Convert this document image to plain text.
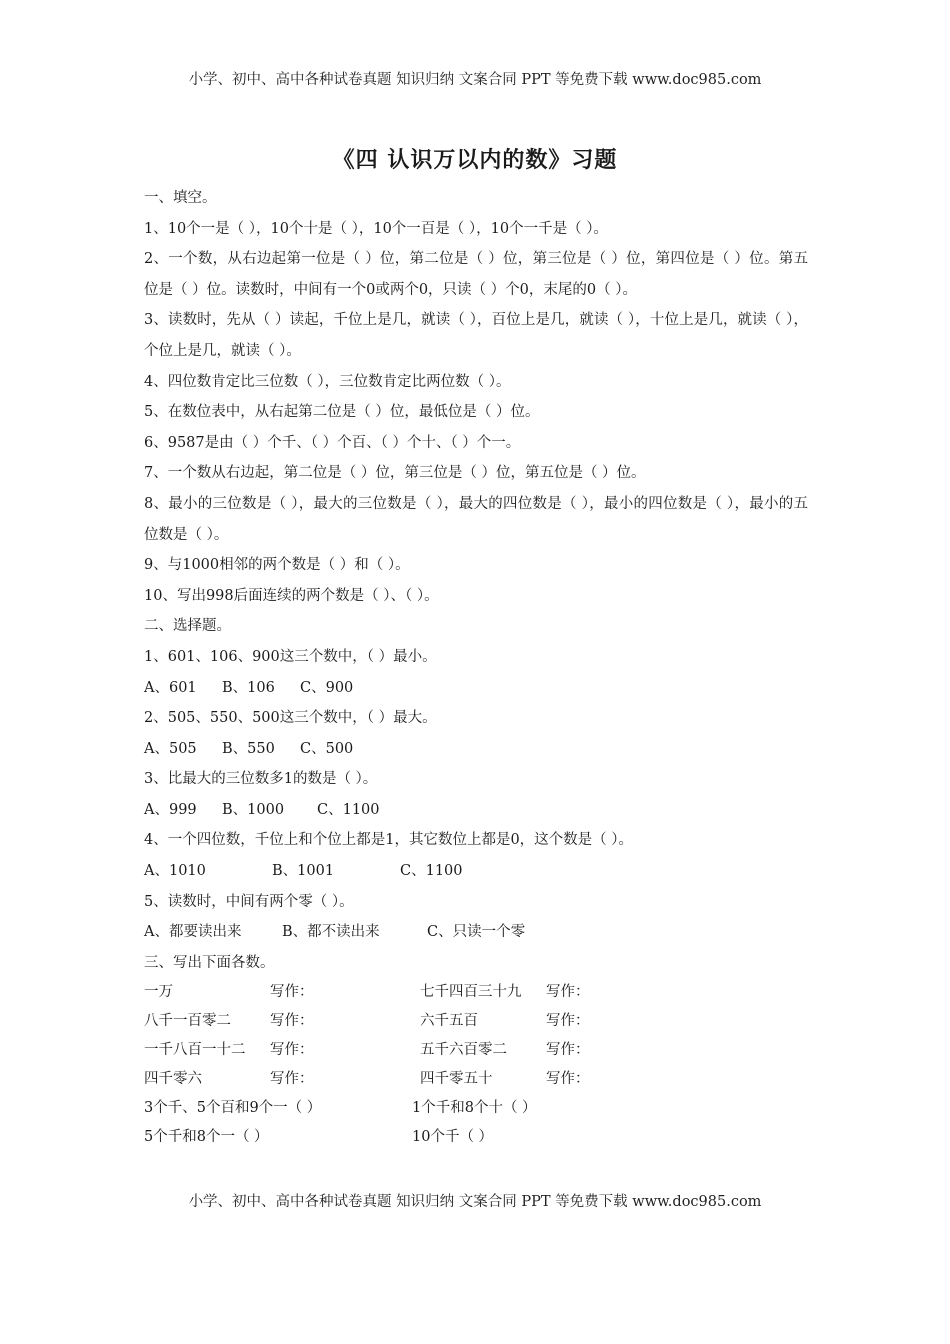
小学、初中、高中各种试卷真题 知识归纳 文案合同 PPT 等免费下载 www.doc985.com
《四 认识万以内的数》习题
一、填空。
1、10个一是（ ），10个十是（ ），10个一百是（ ），10个一千是（ ）。
2、一个数，从右边起第一位是（ ）位，第二位是（ ）位，第三位是（ ）位，第四位是（ ）位。第五位是（ ）位。读数时，中间有一个0或两个0，只读（ ）个0，末尾的0（ ）。
3、读数时，先从（ ）读起，千位上是几，就读（ ），百位上是几，就读（ ），十位上是几，就读（ ），个位上是几，就读（ ）。
4、四位数肯定比三位数（ ），三位数肯定比两位数（ ）。
5、在数位表中，从右起第二位是（ ）位，最低位是（ ）位。
6、9587是由（ ）个千、（ ）个百、（ ）个十、（ ）个一。
7、一个数从右边起，第二位是（ ）位，第三位是（ ）位，第五位是（ ）位。
8、最小的三位数是（ ），最大的三位数是（ ），最大的四位数是（ ），最小的四位数是（ ），最小的五位数是（ ）。
9、与1000相邻的两个数是（ ）和（ ）。
10、写出998后面连续的两个数是（ ）、（ ）。
二、选择题。
1、601、106、900这三个数中，（ ）最小。
A、601 B、106 C、900
2、505、550、500这三个数中，（ ）最大。
A、505 B、550 C、500
3、比最大的三位数多1的数是（ ）。
A、999 B、1000 C、1100
4、一个四位数，千位上和个位上都是1，其它数位上都是0，这个数是（ ）。
A、1010	B、1001	C、1100
5、读数时，中间有两个零（ ）。
A、都要读出来	B、都不读出来	C、只读一个零
三、写出下面各数。
一万	写作：	七千四百三十九	写作：
八千一百零二	写作：	六千五百	写作：
一千八百一十二	写作：	五千六百零二	写作：
四千零六	写作：	四千零五十	写作：
3个千、5个百和9个一（ ）	1个千和8个十（ ）
5个千和8个一（ ）	10个千（ ）
小学、初中、高中各种试卷真题 知识归纳 文案合同 PPT 等免费下载 www.doc985.com
